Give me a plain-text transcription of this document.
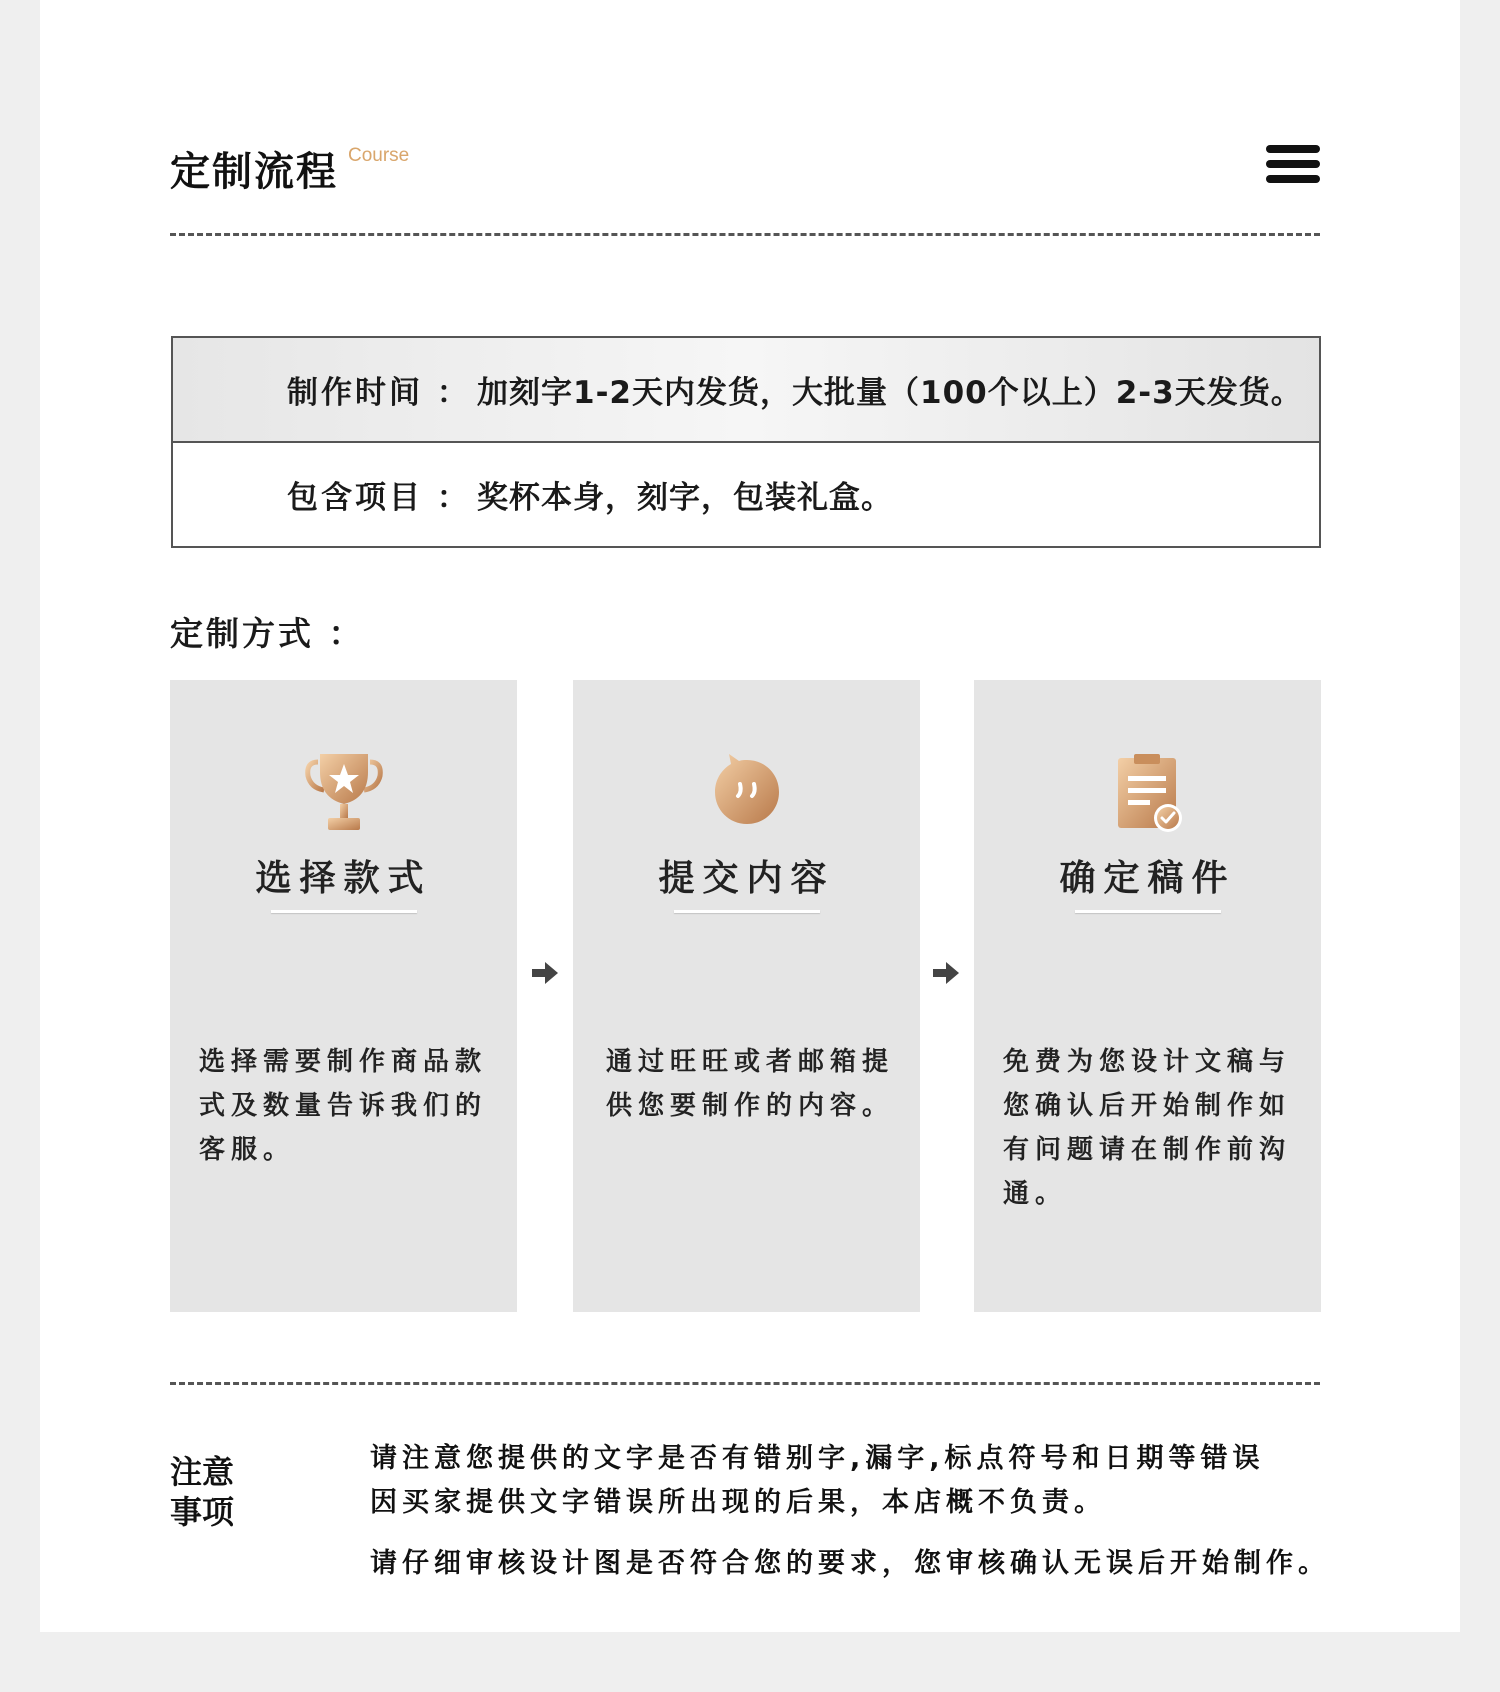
定制流程 Course
制作时间 ： 加刻字1-2天内发货，大批量（100个以上）2-3天发货。
包含项目 ： 奖杯本身，刻字，包装礼盒。
定制方式 ：
选择款式
选择需要制作商品款式及数量告诉我们的客服。
提交内容
通过旺旺或者邮箱提供您要制作的内容。
确定稿件
免费为您设计文稿与您确认后开始制作如有问题请在制作前沟通。
注意
事项
请注意您提供的文字是否有错别字,漏字,标点符号和日期等错误
因买家提供文字错误所出现的后果，本店概不负责。
请仔细审核设计图是否符合您的要求，您审核确认无误后开始制作。
